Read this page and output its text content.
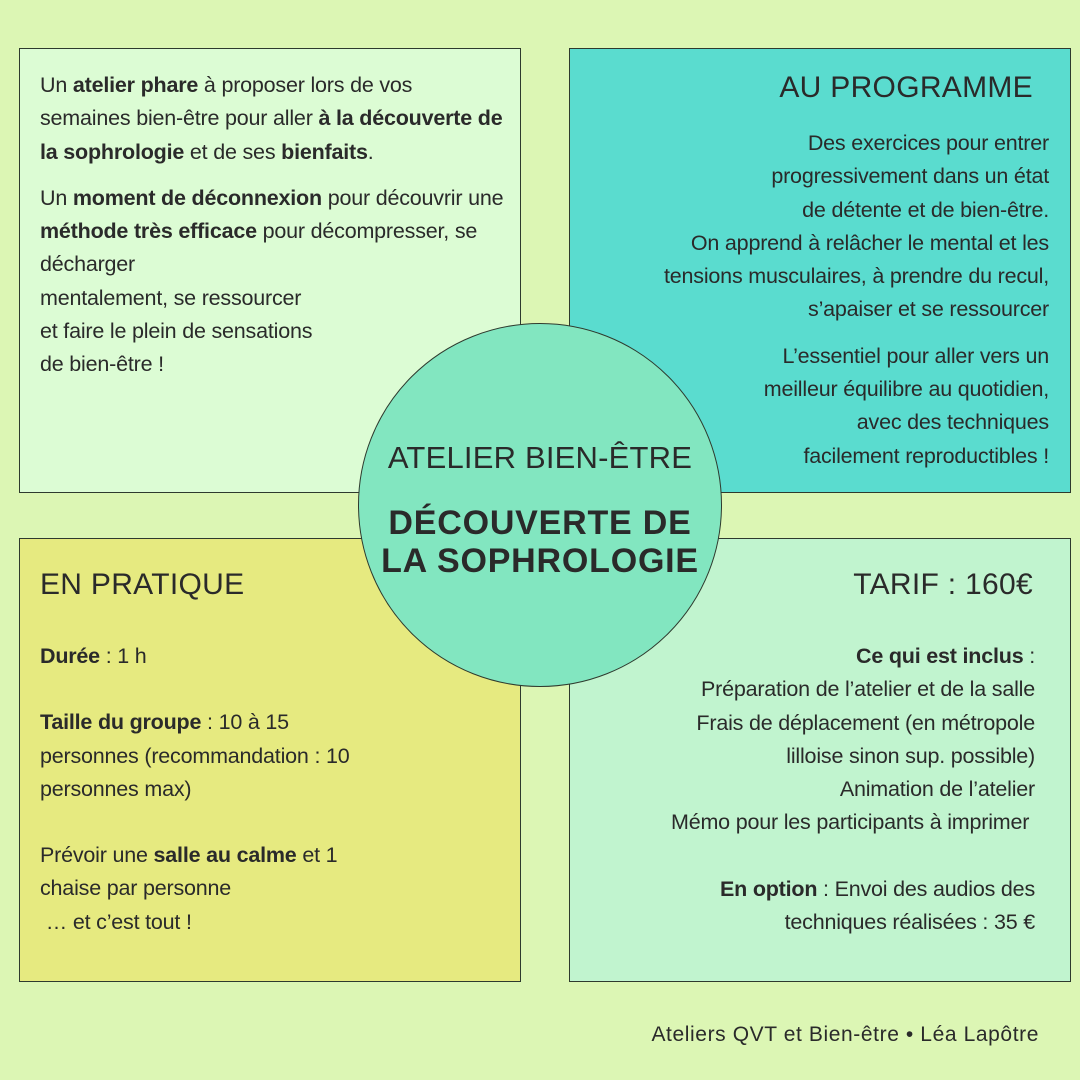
Un atelier phare à proposer lors de vos semaines bien-être pour aller à la découverte de la sophrologie et de ses bienfaits.

Un moment de déconnexion pour découvrir une méthode très efficace pour décompresser, se décharger
mentalement, se ressourcer
et faire le plein de sensations
de bien-être !

AU PROGRAMME

Des exercices pour entrer
progressivement dans un état
de détente et de bien-être.
On apprend à relâcher le mental et les
tensions musculaires, à prendre du recul,
s’apaiser et se ressourcer

L’essentiel pour aller vers un
meilleur équilibre au quotidien,
avec des techniques
facilement reproductibles !

EN PRATIQUE

Durée : 1 h

Taille du groupe : 10 à 15
personnes (recommandation : 10
personnes max)

Prévoir une salle au calme et 1
chaise par personne
… et c’est tout !

TARIF : 160€

Ce qui est inclus :
Préparation de l’atelier et de la salle
Frais de déplacement (en métropole
lilloise sinon sup. possible)
Animation de l’atelier
Mémo pour les participants à imprimer

En option : Envoi des audios des
techniques réalisées : 35 €

ATELIER BIEN-ÊTRE
DÉCOUVERTE DE
LA SOPHROLOGIE
Ateliers QVT et Bien-être • Léa Lapôtre
